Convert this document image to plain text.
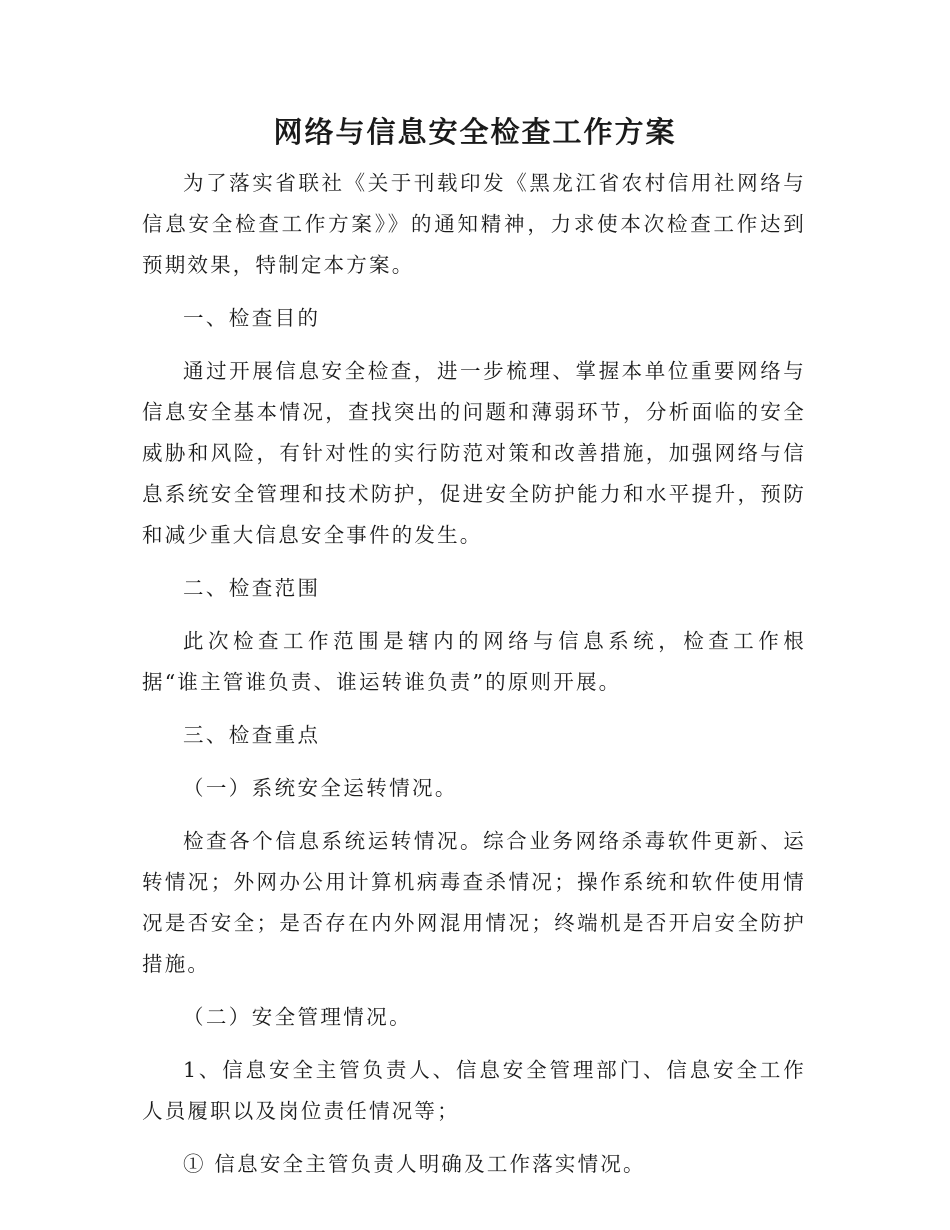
网络与信息安全检查工作方案

为了落实省联社《关于刊载印发《黑龙江省农村信用社网络与信息安全检查工作方案》》的通知精神，力求使本次检查工作达到预期效果，特制定本方案。

一、检查目的

通过开展信息安全检查，进一步梳理、掌握本单位重要网络与信息安全基本情况，查找突出的问题和薄弱环节，分析面临的安全威胁和风险，有针对性的实行防范对策和改善措施，加强网络与信息系统安全管理和技术防护，促进安全防护能力和水平提升，预防和减少重大信息安全事件的发生。

二、检查范围

此次检查工作范围是辖内的网络与信息系统，检查工作根据“谁主管谁负责、谁运转谁负责”的原则开展。

三、检查重点

（一）系统安全运转情况。

检查各个信息系统运转情况。综合业务网络杀毒软件更新、运转情况；外网办公用计算机病毒查杀情况；操作系统和软件使用情况是否安全；是否存在内外网混用情况；终端机是否开启安全防护措施。

（二）安全管理情况。

1、信息安全主管负责人、信息安全管理部门、信息安全工作人员履职以及岗位责任情况等；

① 信息安全主管负责人明确及工作落实情况。
